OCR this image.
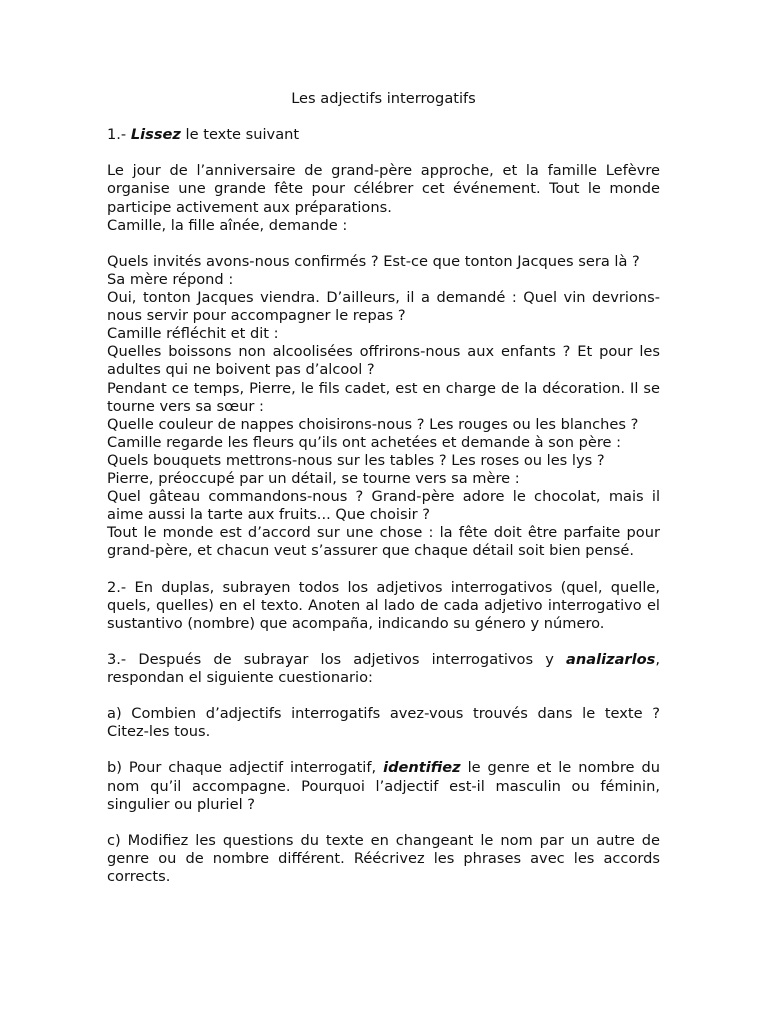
Les adjectifs interrogatifs
1.- Lissez le texte suivant
Le jour de l’anniversaire de grand-père approche, et la famille Lefèvre organise une grande fête pour célébrer cet événement. Tout le monde participe activement aux préparations.
Camille, la fille aînée, demande :
Quels invités avons-nous confirmés ? Est-ce que tonton Jacques sera là ?
Sa mère répond :
Oui, tonton Jacques viendra. D’ailleurs, il a demandé : Quel vin devrions-nous servir pour accompagner le repas ?
Camille réfléchit et dit :
Quelles boissons non alcoolisées offrirons-nous aux enfants ? Et pour les adultes qui ne boivent pas d’alcool ?
Pendant ce temps, Pierre, le fils cadet, est en charge de la décoration. Il se tourne vers sa sœur :
Quelle couleur de nappes choisirons-nous ? Les rouges ou les blanches ?
Camille regarde les fleurs qu’ils ont achetées et demande à son père :
Quels bouquets mettrons-nous sur les tables ? Les roses ou les lys ?
Pierre, préoccupé par un détail, se tourne vers sa mère :
Quel gâteau commandons-nous ? Grand-père adore le chocolat, mais il aime aussi la tarte aux fruits... Que choisir ?
Tout le monde est d’accord sur une chose : la fête doit être parfaite pour grand-père, et chacun veut s’assurer que chaque détail soit bien pensé.
2.- En duplas, subrayen todos los adjetivos interrogativos (quel, quelle, quels, quelles) en el texto. Anoten al lado de cada adjetivo interrogativo el sustantivo (nombre) que acompaña, indicando su género y número.
3.- Después de subrayar los adjetivos interrogativos y analizarlos, respondan el siguiente cuestionario:
a) Combien d’adjectifs interrogatifs avez-vous trouvés dans le texte ? Citez-les tous.
b) Pour chaque adjectif interrogatif, identifiez le genre et le nombre du nom qu’il accompagne. Pourquoi l’adjectif est-il masculin ou féminin, singulier ou pluriel ?
c) Modifiez les questions du texte en changeant le nom par un autre de genre ou de nombre différent. Réécrivez les phrases avec les accords corrects.
